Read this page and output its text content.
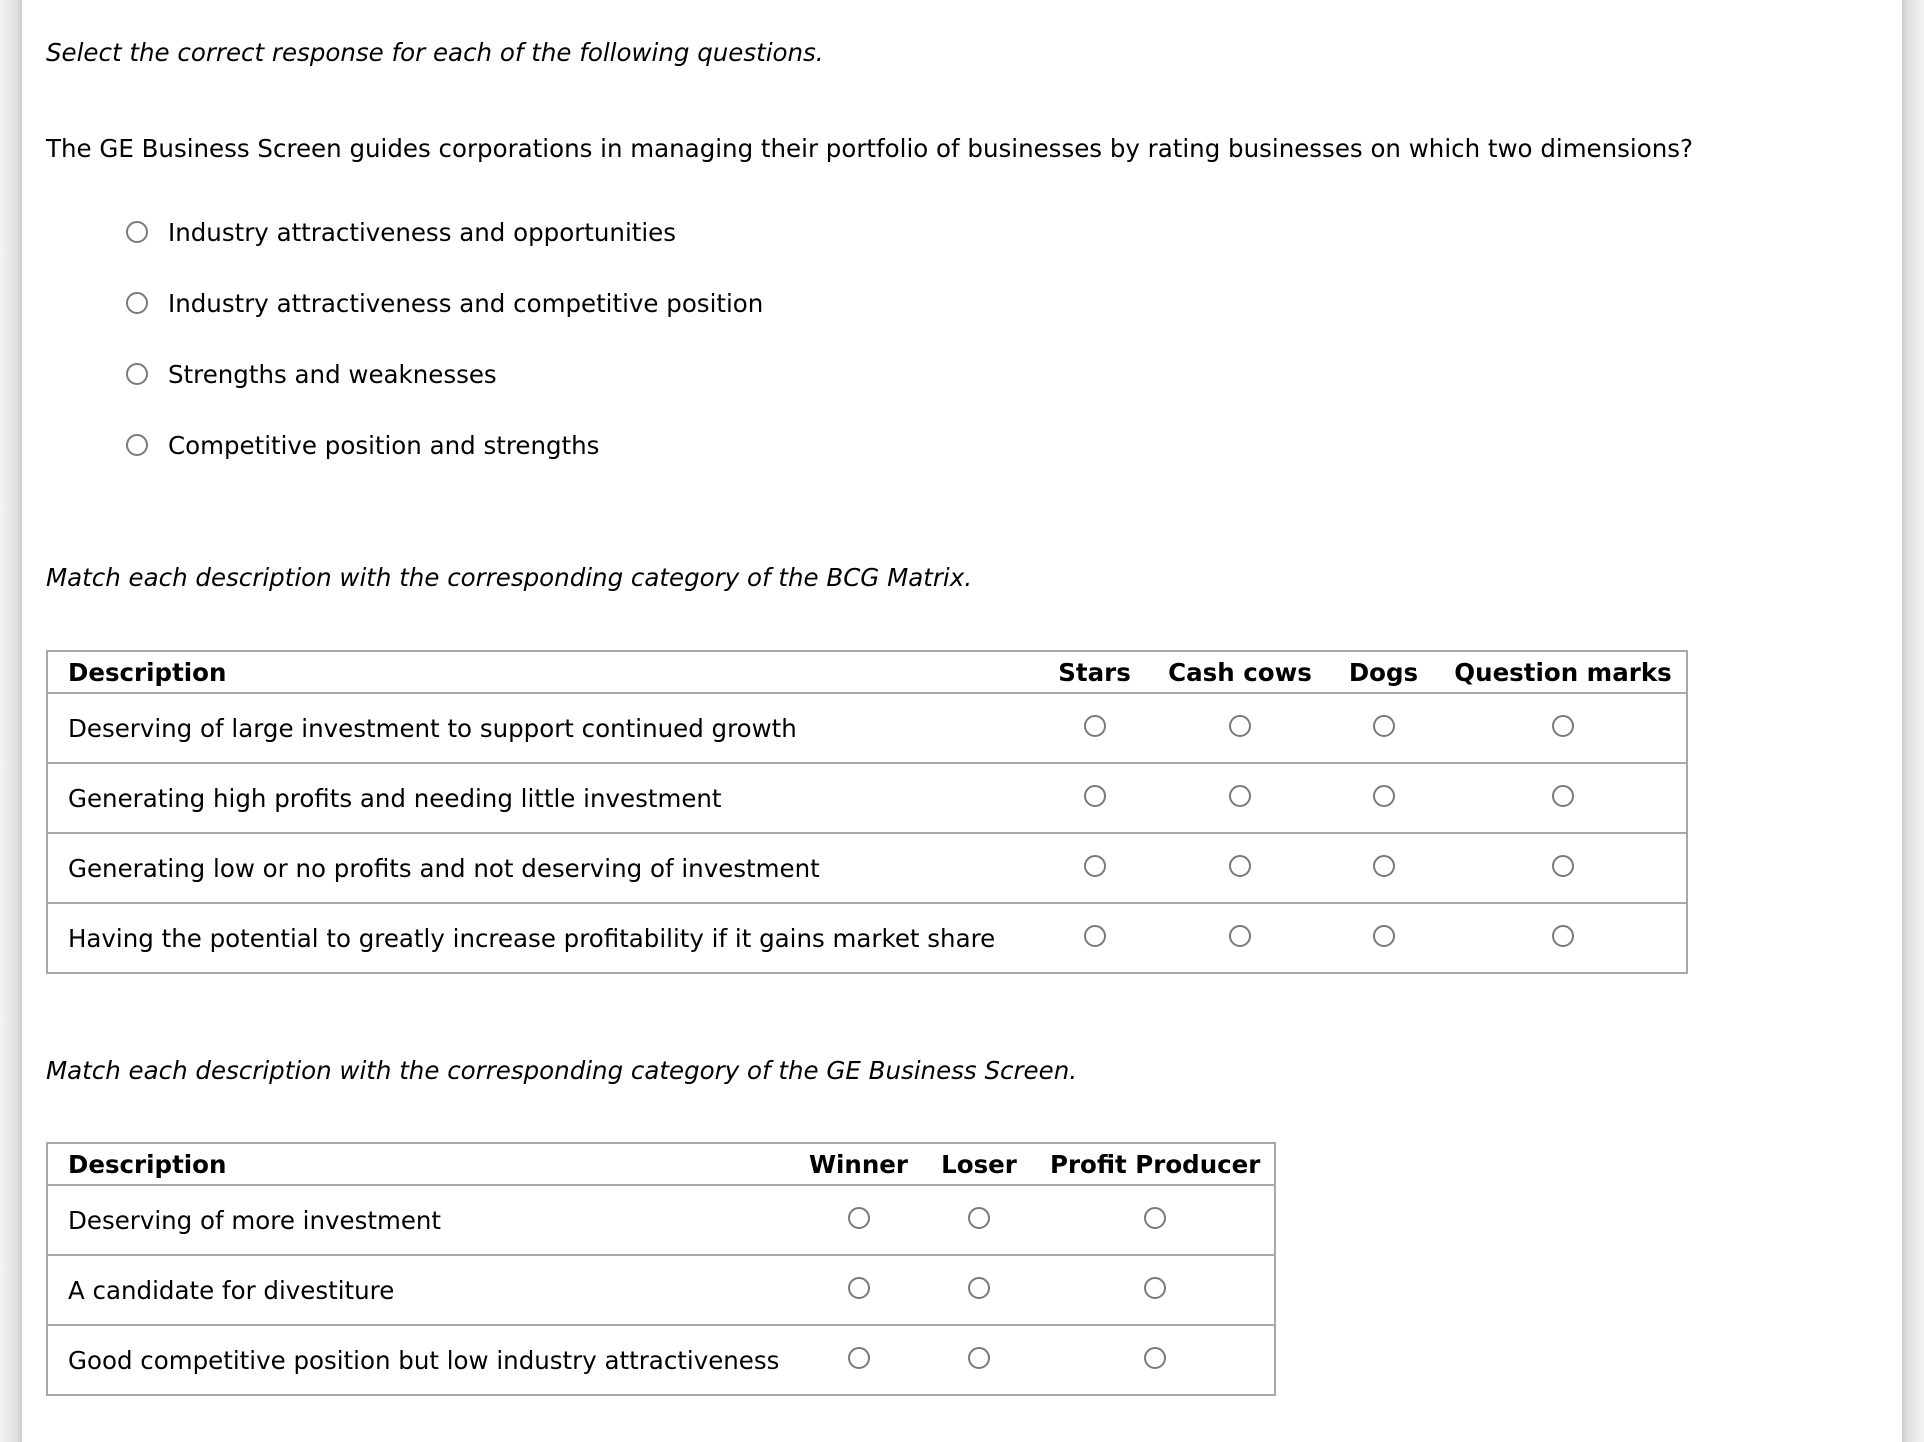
Select the correct response for each of the following questions.

The GE Business Screen guides corporations in managing their portfolio of businesses by rating businesses on which two dimensions?

Industry attractiveness and opportunities
Industry attractiveness and competitive position
Strengths and weaknesses
Competitive position and strengths

Match each description with the corresponding category of the BCG Matrix.

Description	Stars	Cash cows	Dogs	Question marks
Deserving of large investment to support continued growth				
Generating high profits and needing little investment				
Generating low or no profits and not deserving of investment				
Having the potential to greatly increase profitability if it gains market share				

Match each description with the corresponding category of the GE Business Screen.

Description	Winner	Loser	Profit Producer
Deserving of more investment			
A candidate for divestiture			
Good competitive position but low industry attractiveness			
